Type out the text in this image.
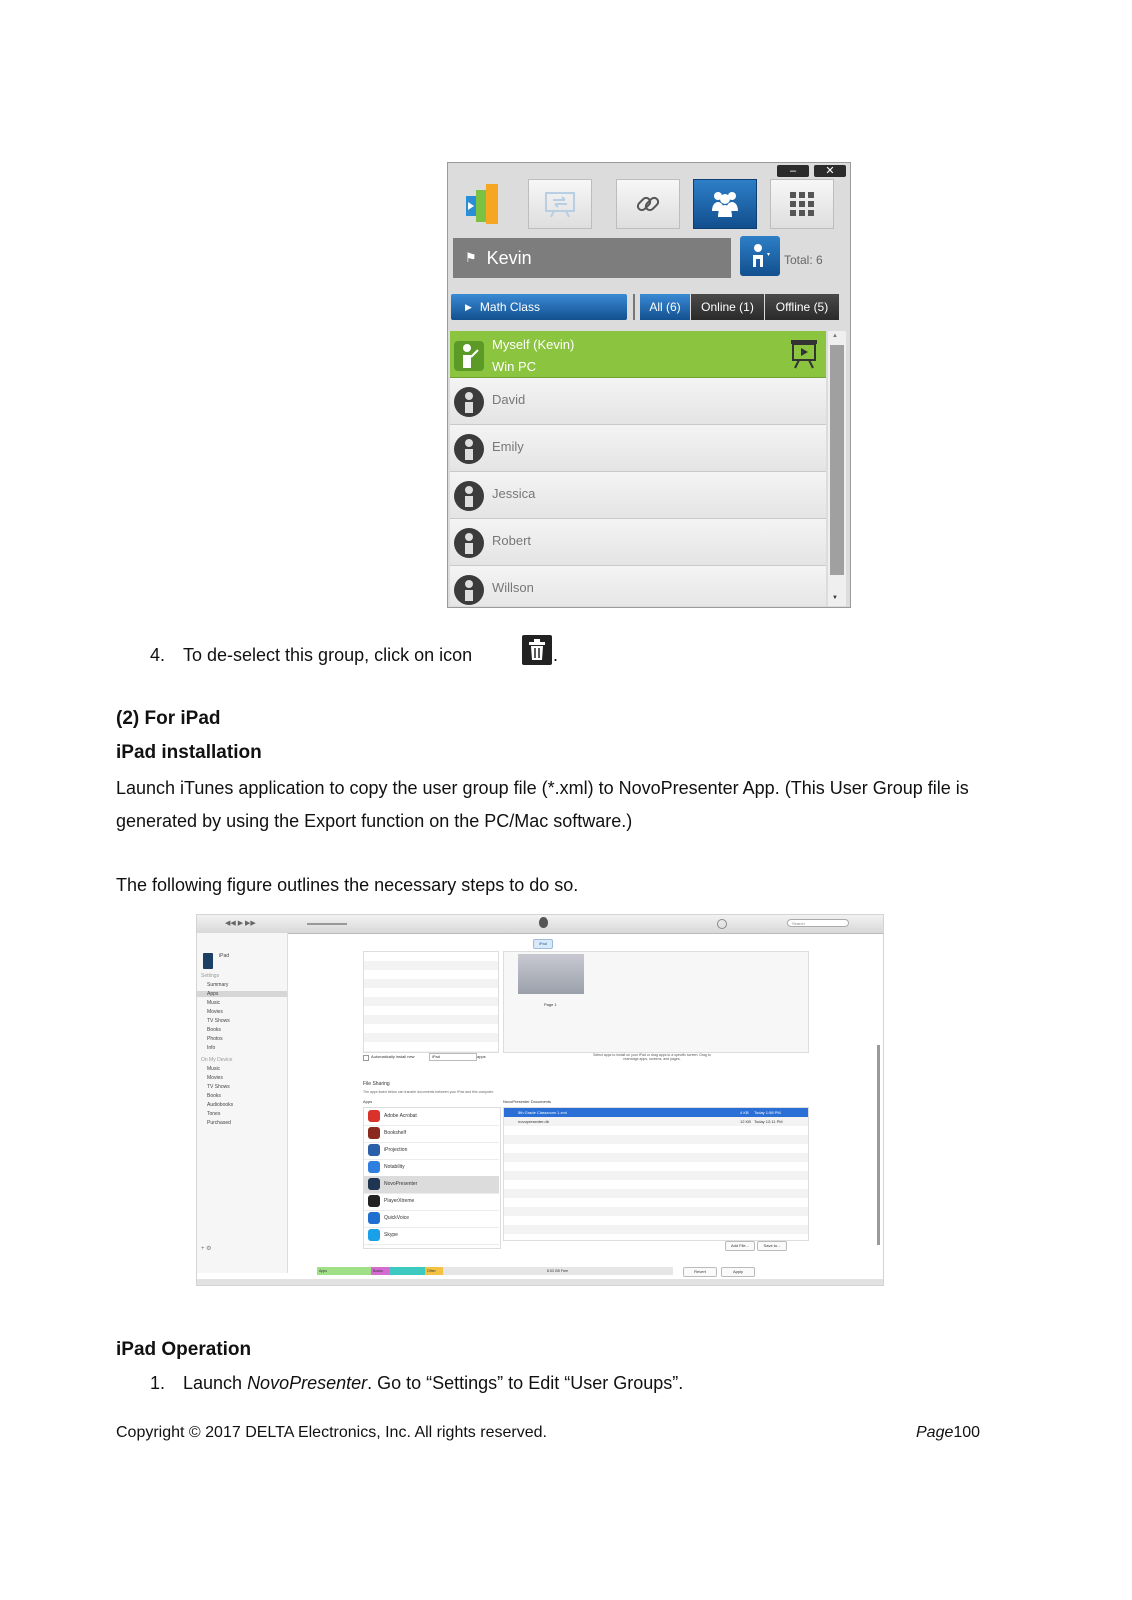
–	✕
⚑ Kevin	Total: 6
▶ Math Class	All (6)	Online (1)	Offline (5)
Myself (Kevin)
Win PC
David
Emily
Jessica
Robert
Willson
▲
▼
4. To de-select this group, click on icon	.
(2) For iPad
iPad installation
Launch iTunes application to copy the user group file (*.xml) to NovoPresenter App. (This User Group file is generated by using the Export function on the PC/Mac software.)
The following figure outlines the necessary steps to do so.
◀◀ ▶ ▶▶	Search
iPad
Settings
Summary
Apps
Music
Movies
TV Shows
Books
Photos
Info
On My Device
Music
Movies
TV Shows
Books
Audiobooks
Tones
Purchased
iPad
Page 1
Automatically install new	iPad	apps	Select apps to install on your iPad or drag apps to a specific screen. Drag to rearrange apps, screens, and pages.
File Sharing
The apps listed below can transfer documents between your iPad and this computer.
Apps	NovoPresenter Documents
Adobe Acrobat
Bookshelf
iProjection
Notability
NovoPresenter
PlayerXtreme
QuickVoice
Skype
5th Grade Classroom 1.xml	4 KB Today 1:58 PM
novopresenter.db	12 KB Today 12:11 PM
Add File...	Save to...
+ ⚙
Apps	Books	Other	8.53 GB Free	Revert	Apply
iPad Operation
1. Launch NovoPresenter. Go to “Settings” to Edit “User Groups”.
Copyright © 2017 DELTA Electronics, Inc. All rights reserved.	Page100
